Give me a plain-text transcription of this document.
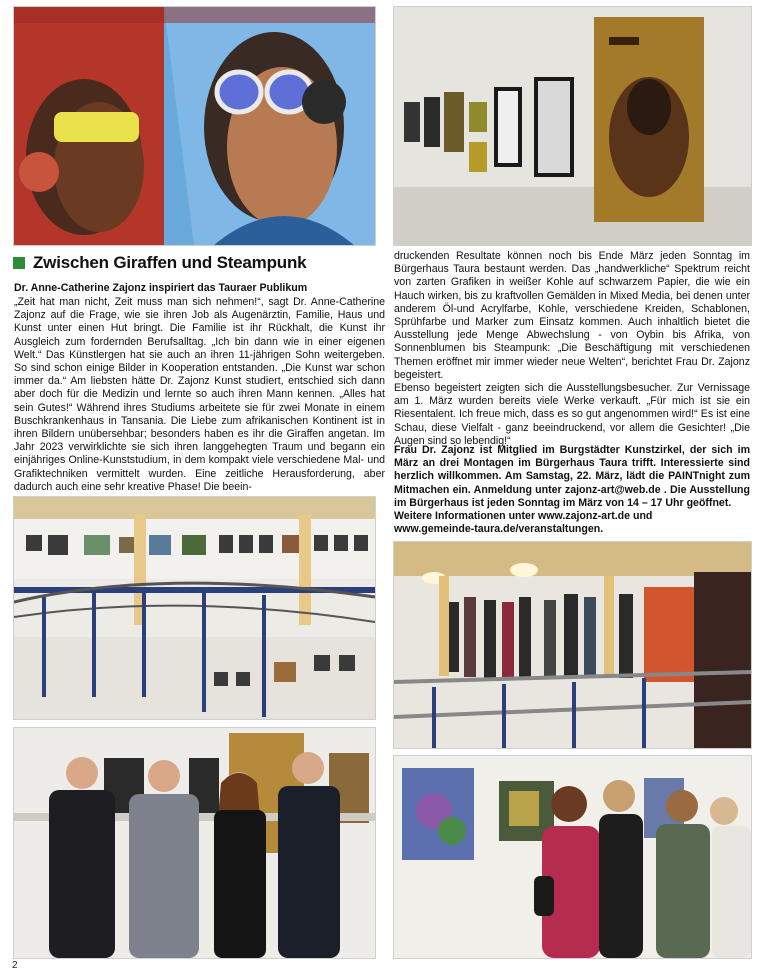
Zwischen Giraffen und Steampunk
Dr. Anne-Catherine Zajonz inspiriert das Tauraer Publikum

„Zeit hat man nicht, Zeit muss man sich nehmen!“, sagt Dr. Anne-Catherine Zajonz auf die Frage, wie sie ihren Job als Augenärztin, Familie, Haus und Kunst unter einen Hut bringt. Die Familie ist ihr Rückhalt, die Kunst ihr Ausgleich zum fordernden Berufsalltag. „Ich bin dann wie in einer eigenen Welt.“ Das Künstlergen hat sie auch an ihren 11-jährigen Sohn weitergeben. So sind schon einige Bilder in Kooperation entstanden. „Die Kunst war schon immer da.“ Am liebsten hätte Dr. Zajonz Kunst studiert, entschied sich dann aber doch für die Medizin und lernte so auch ihren Mann kennen. „Alles hat sein Gutes!“ Während ihres Studiums arbeitete sie für zwei Monate in einem Buschkrankenhaus in Tansania. Die Liebe zum afrikanischen Kontinent ist in ihren Bildern unübersehbar; besonders haben es ihr die Giraffen angetan. Im Jahr 2023 verwirklichte sie sich ihren langgehegten Traum und begann ein einjähriges Online-Kunststudium, in dem kompakt viele verschiedene Mal- und Grafiktechniken vermittelt wurden. Eine zeitliche Herausforderung, aber dadurch auch eine sehr kreative Phase! Die beein-

druckenden Resultate können noch bis Ende März jeden Sonntag im Bürgerhaus Taura bestaunt werden. Das „handwerkliche“ Spektrum reicht von zarten Grafiken in weißer Kohle auf schwarzem Papier, die wie ein Hauch wirken, bis zu kraftvollen Gemälden in Mixed Media, bei denen unter anderem Öl-und Acrylfarbe, Kohle, verschiedene Kreiden, Schablonen, Sprühfarbe und Marker zum Einsatz kommen. Auch inhaltlich bietet die Ausstellung jede Menge Abwechslung - von Oybin bis Afrika, von Sonnenblumen bis Steampunk: „Die Beschäftigung mit verschiedenen Themen eröffnet mir immer wieder neue Welten“, berichtet Frau Dr. Zajonz begeistert.

Ebenso begeistert zeigten sich die Ausstellungsbesucher. Zur Vernissage am 1. März wurden bereits viele Werke verkauft. „Für mich ist sie ein Riesentalent. Ich freue mich, dass es so gut angenommen wird!“ Es ist eine Schau, diese Vielfalt - ganz beeindruckend, vor allem die Gesichter! „Die Augen sind so lebendig!“

Frau Dr. Zajonz ist Mitglied im Burgstädter Kunstzirkel, der sich im März an drei Montagen im Bürgerhaus Taura trifft. Interessierte sind herzlich willkommen. Am Samstag, 22. März, lädt die PAINTnight zum Mitmachen ein. Anmeldung unter zajonz-art@web.de . Die Ausstellung im Bürgerhaus ist jeden Sonntag im März von 14 – 17 Uhr geöffnet.

Weitere Informationen unter www.zajonz-art.de und

www.gemeinde-taura.de/veranstaltungen.

2
